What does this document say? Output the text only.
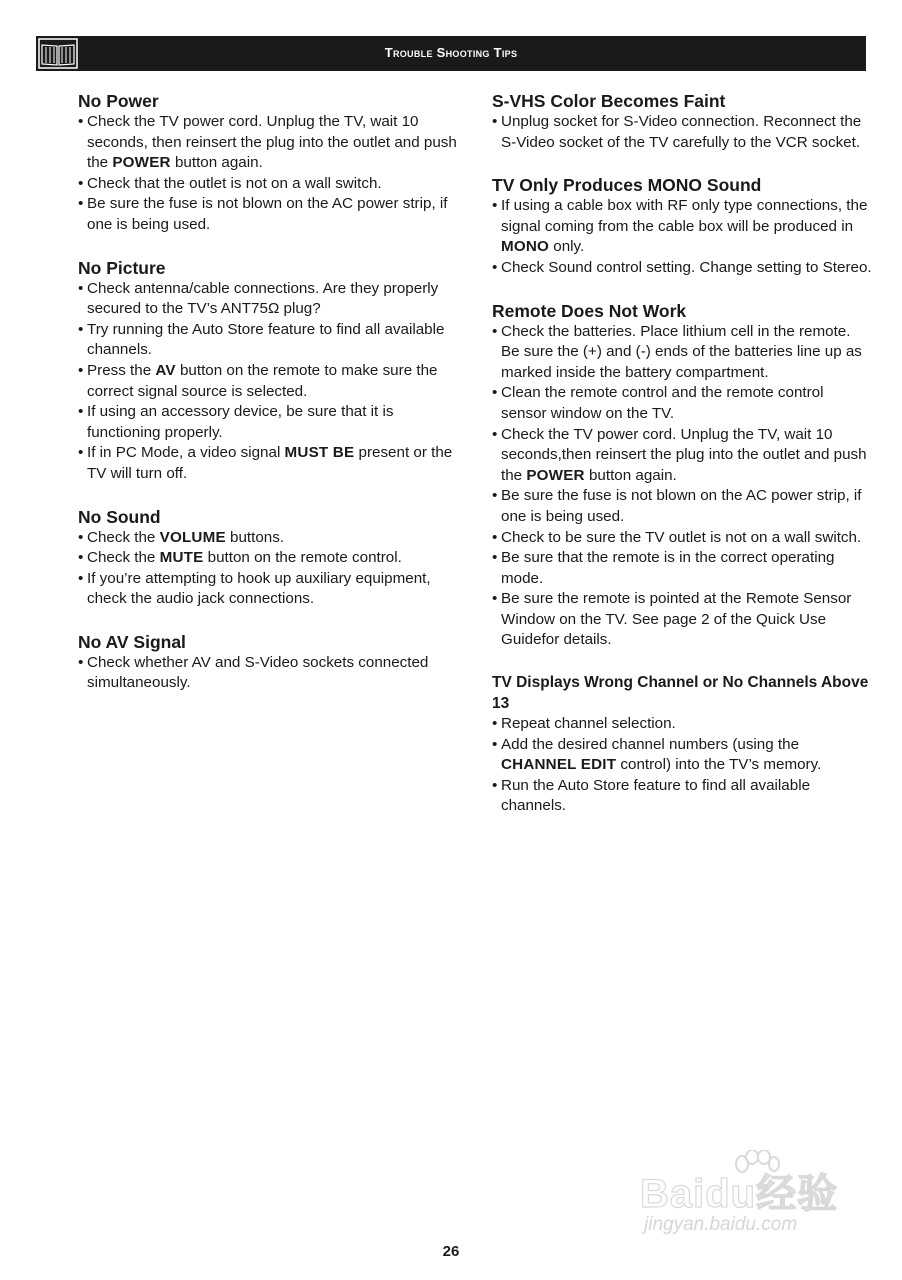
Trouble Shooting Tips
No Power
• Check the TV power cord. Unplug the TV, wait 10 seconds, then reinsert the plug into the outlet and push the POWER button again.
• Check that the outlet is not on a wall switch.
• Be sure the fuse is not blown on the AC power strip, if one is being used.
No Picture
• Check antenna/cable connections. Are they properly secured to the TV’s ANT75Ω plug?
• Try running the Auto Store feature to find all available channels.
• Press the AV button on the remote to make sure the correct signal source is selected.
• If using an accessory device, be sure that it is functioning properly.
• If in PC Mode, a video signal MUST BE present or the TV will turn off.
No Sound
• Check the VOLUME buttons.
• Check the MUTE button on the remote control.
• If you’re attempting to hook up auxiliary equipment, check the audio jack connections.
No AV Signal
• Check whether AV and S-Video sockets connected simultaneously.
S-VHS Color Becomes Faint
• Unplug socket for S-Video connection. Reconnect the S-Video socket of the TV carefully to the VCR socket.
TV Only Produces MONO Sound
• If using a cable box with RF only type connections, the signal coming from the cable box will be produced in MONO only.
• Check Sound control setting. Change setting to Stereo.
Remote Does Not Work
• Check the batteries. Place lithium cell in the remote. Be sure the (+) and (-) ends of the batteries line up as marked inside the battery compartment.
• Clean the remote control and the remote control sensor window on the TV.
• Check the TV power cord. Unplug the TV, wait 10 seconds,then reinsert the plug into the outlet and push the POWER button again.
• Be sure the fuse is not blown on the AC power strip, if one is being used.
• Check to be sure the TV outlet is not on a wall switch.
• Be sure that the remote is in the correct operating mode.
• Be sure the remote is pointed at the Remote Sensor Window on the TV. See page 2 of the Quick Use Guidefor details.
TV Displays Wrong Channel or No Channels Above 13
• Repeat channel selection.
• Add the desired channel numbers (using the CHANNEL EDIT control) into the TV’s memory.
• Run the Auto Store feature to find all available channels.
Baidu经验
jingyan.baidu.com
26
